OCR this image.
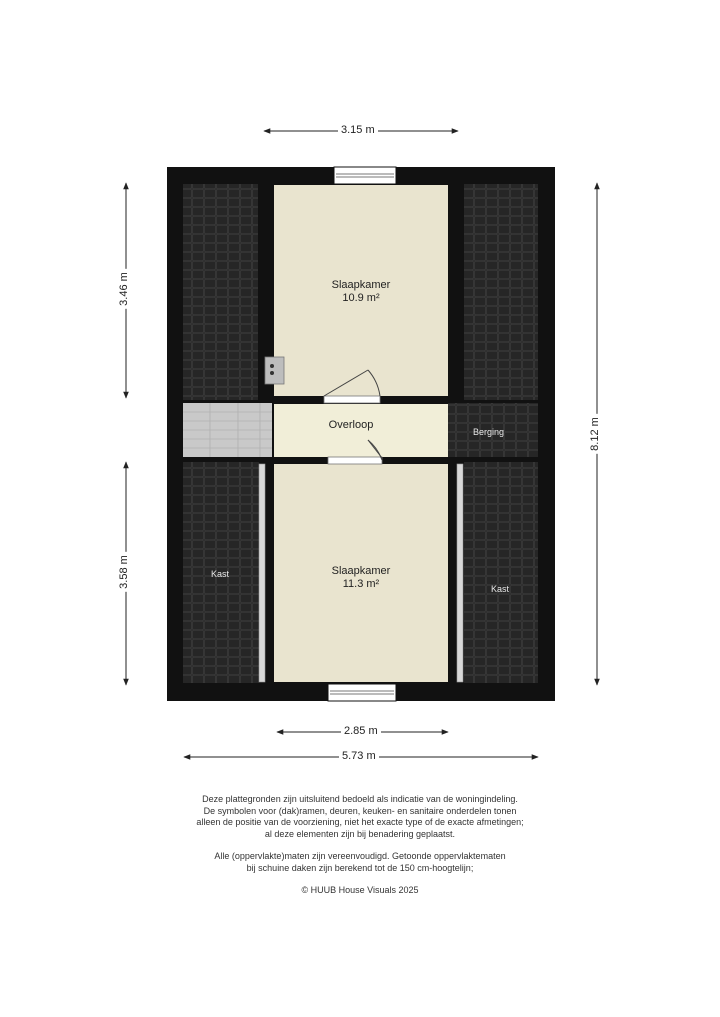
3.15 m
2.85 m
5.73 m
3.46 m
3.58 m
8.12 m
Slaapkamer
10.9 m²
Overloop
Berging
Slaapkamer
11.3 m²
Kast
Kast
Deze plattegronden zijn uitsluitend bedoeld als indicatie van de woningindeling.
De symbolen voor (dak)ramen, deuren, keuken- en sanitaire onderdelen tonen
alleen de positie van de voorziening, niet het exacte type of de exacte afmetingen;
al deze elementen zijn bij benadering geplaatst.
Alle (oppervlakte)maten zijn vereenvoudigd. Getoonde oppervlaktematen
bij schuine daken zijn berekend tot de 150 cm-hoogtelijn;
© HUUB House Visuals 2025
